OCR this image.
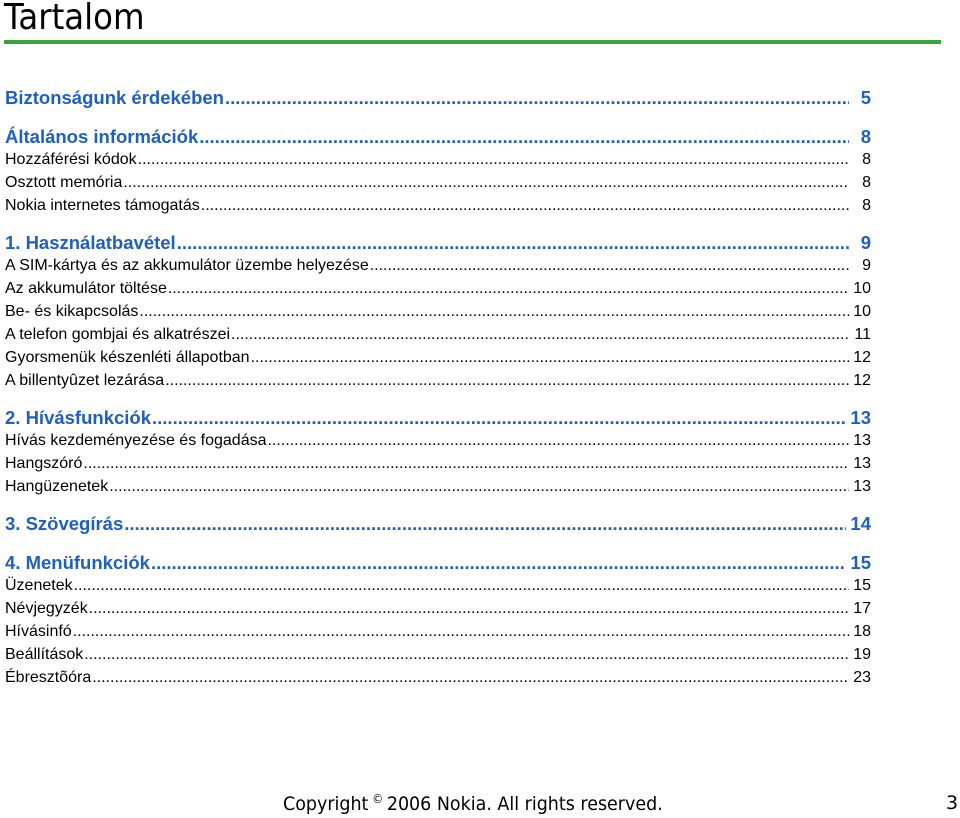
Tartalom
Biztonságunk érdekében .....	5
Általános információk .....	8
Hozzáférési kódok .....	8
Osztott memória .....	8
Nokia internetes támogatás .....	8
1. Használatbavétel .....	9
A SIM-kártya és az akkumulátor üzembe helyezése .....	9
Az akkumulátor töltése .....	10
Be- és kikapcsolás .....	10
A telefon gombjai és alkatrészei .....	11
Gyorsmenük készenléti állapotban .....	12
A billentyûzet lezárása .....	12
2. Hívásfunkciók .....	13
Hívás kezdeményezése és fogadása .....	13
Hangszóró .....	13
Hangüzenetek .....	13
3. Szövegírás .....	14
4. Menüfunkciók .....	15
Üzenetek .....	15
Névjegyzék .....	17
Hívásinfó .....	18
Beállítások .....	19
Ébresztõóra .....	23
Copyright © 2006 Nokia. All rights reserved.	3
